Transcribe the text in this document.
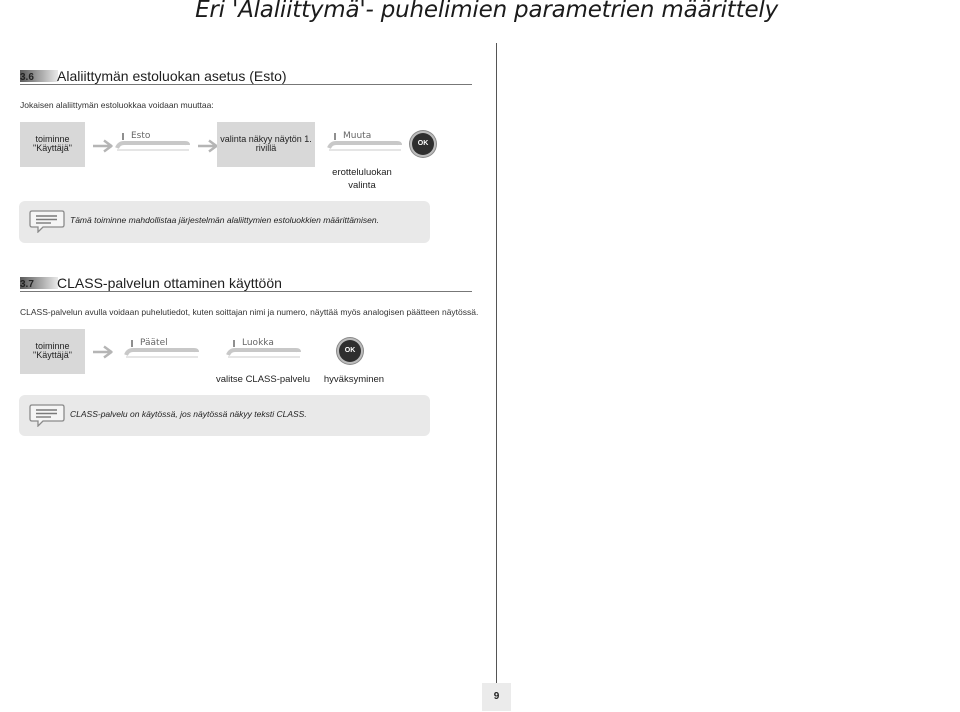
Eri 'Alaliittymä'- puhelimien parametrien määrittely
3.6 Alaliittymän estoluokan asetus (Esto)
Jokaisen alaliittymän estoluokkaa voidaan muuttaa:
toiminne
"Käyttäjä"
Esto	valinta näkyy näytön 1.
rivillä
Muuta
OK
erotteluluokan
valinta
Tämä toiminne mahdollistaa järjestelmän alaliittymien estoluokkien määrittämisen.
3.7 CLASS-palvelun ottaminen käyttöön
CLASS-palvelun avulla voidaan puhelutiedot, kuten soittajan nimi ja numero, näyttää myös analogisen päätteen näytössä.
toiminne
"Käyttäjä"
Päätel	Luokka
OK
valitse CLASS-palvelu	hyväksyminen
CLASS-palvelu on käytössä, jos näytössä näkyy teksti CLASS.
9
